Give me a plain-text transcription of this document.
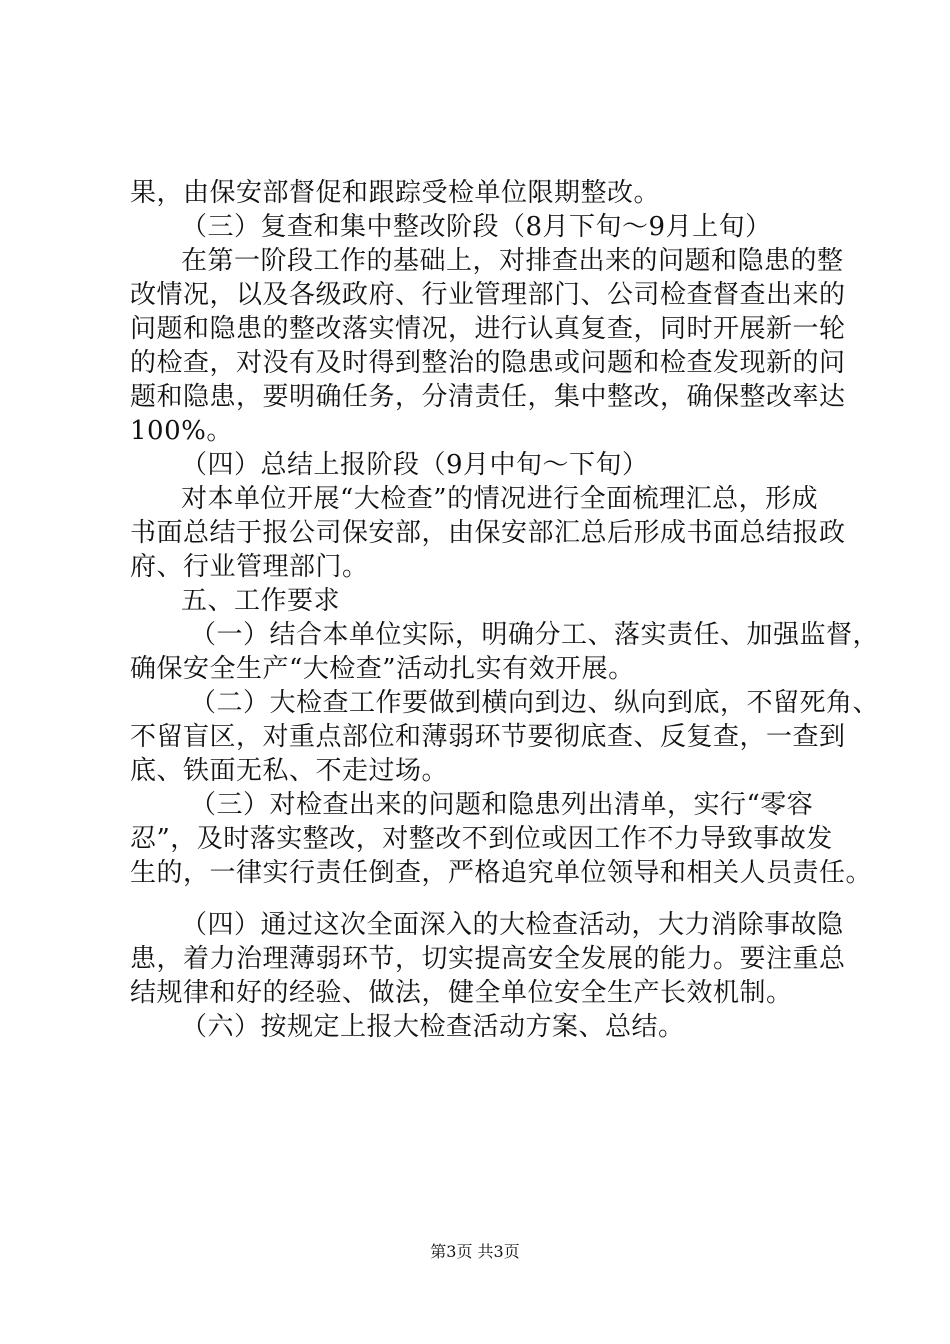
果，由保安部督促和跟踪受检单位限期整改。
（三）复查和集中整改阶段（8月下旬～9月上旬）
在第一阶段工作的基础上，对排查出来的问题和隐患的整
改情况，以及各级政府、行业管理部门、公司检查督查出来的
问题和隐患的整改落实情况，进行认真复查，同时开展新一轮
的检查，对没有及时得到整治的隐患或问题和检查发现新的问
题和隐患，要明确任务，分清责任，集中整改，确保整改率达
100%。
（四）总结上报阶段（9月中旬～下旬）
对本单位开展“大检查”的情况进行全面梳理汇总，形成
书面总结于报公司保安部，由保安部汇总后形成书面总结报政
府、行业管理部门。
五、工作要求
（一）结合本单位实际，明确分工、落实责任、加强监督，
确保安全生产“大检查”活动扎实有效开展。
（二）大检查工作要做到横向到边、纵向到底，不留死角、
不留盲区，对重点部位和薄弱环节要彻底查、反复查，一查到
底、铁面无私、不走过场。
（三）对检查出来的问题和隐患列出清单，实行“零容
忍”，及时落实整改，对整改不到位或因工作不力导致事故发
生的，一律实行责任倒查，严格追究单位领导和相关人员责任。
（四）通过这次全面深入的大检查活动，大力消除事故隐
患，着力治理薄弱环节，切实提高安全发展的能力。要注重总
结规律和好的经验、做法，健全单位安全生产长效机制。
（六）按规定上报大检查活动方案、总结。
第3页 共3页
